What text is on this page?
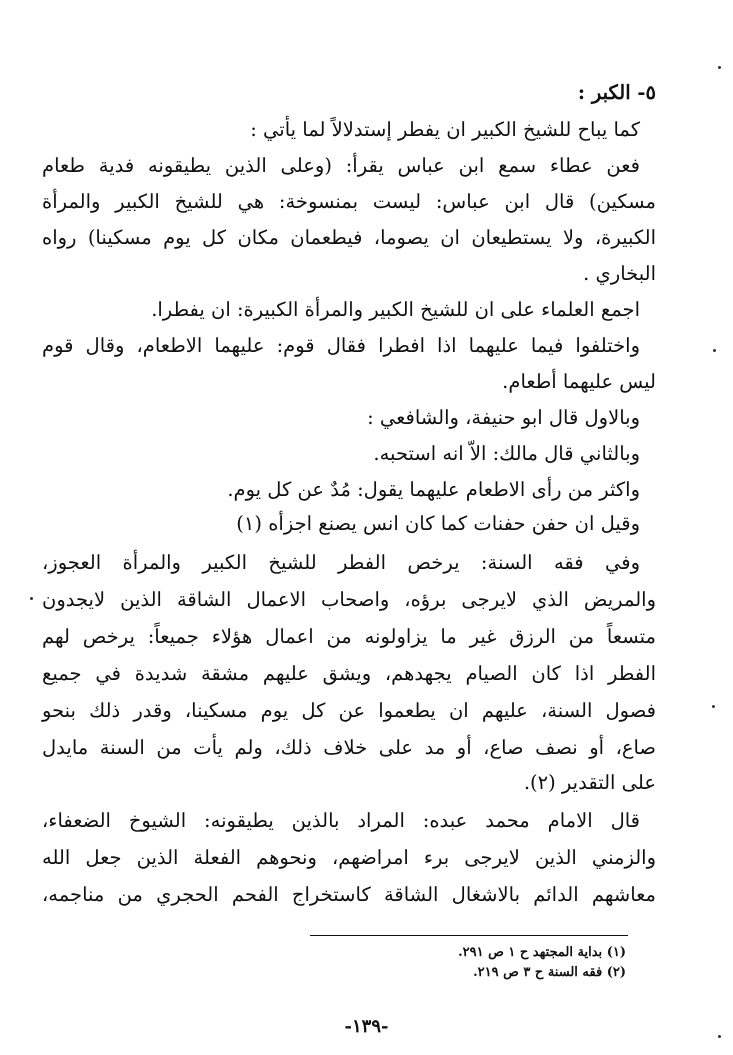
٥- الكبر :
كما يباح للشيخ الكبير ان يفطر إستدلالاً لما يأتي :
فعن عطاء سمع ابن عباس يقرأ: (وعلى الذين يطيقونه فدية طعام
مسكين) قال ابن عباس: ليست بمنسوخة: هي للشيخ الكبير والمرأة
الكبيرة، ولا يستطيعان ان يصوما، فيطعمان مكان كل يوم مسكينا) رواه
البخاري .
اجمع العلماء على ان للشيخ الكبير والمرأة الكبيرة: ان يفطرا.
واختلفوا فيما عليهما اذا افطرا فقال قوم: عليهما الاطعام، وقال قوم
ليس عليهما أطعام.
وبالاول قال ابو حنيفة، والشافعي :
وبالثاني قال مالك: الاّ انه استحبه.
واكثر من رأى الاطعام عليهما يقول: مُدٌ عن كل يوم.
وقيل ان حفن حفنات كما كان انس يصنع اجزأه (١)
وفي فقه السنة: يرخص الفطر للشيخ الكبير والمرأة العجوز،
والمريض الذي لايرجى برؤه، واصحاب الاعمال الشاقة الذين لايجدون
متسعاً من الرزق غير ما يزاولونه من اعمال هؤلاء جميعاً: يرخص لهم
الفطر اذا كان الصيام يجهدهم، ويشق عليهم مشقة شديدة في جميع
فصول السنة، عليهم ان يطعموا عن كل يوم مسكينا، وقدر ذلك بنحو
صاع، أو نصف صاع، أو مد على خلاف ذلك، ولم يأت من السنة مايدل
على التقدير (٢).
قال الامام محمد عبده: المراد بالذين يطيقونه: الشيوخ الضعفاء،
والزمني الذين لايرجى برء امراضهم، ونحوهم الفعلة الذين جعل الله
معاشهم الدائم بالاشغال الشاقة كاستخراج الفحم الحجري من مناجمه،
(١) بداية المجتهد ح ١ ص ٢٩١.
(٢) فقه السنة ح ٣ ص ٢١٩.
-١٣٩-
